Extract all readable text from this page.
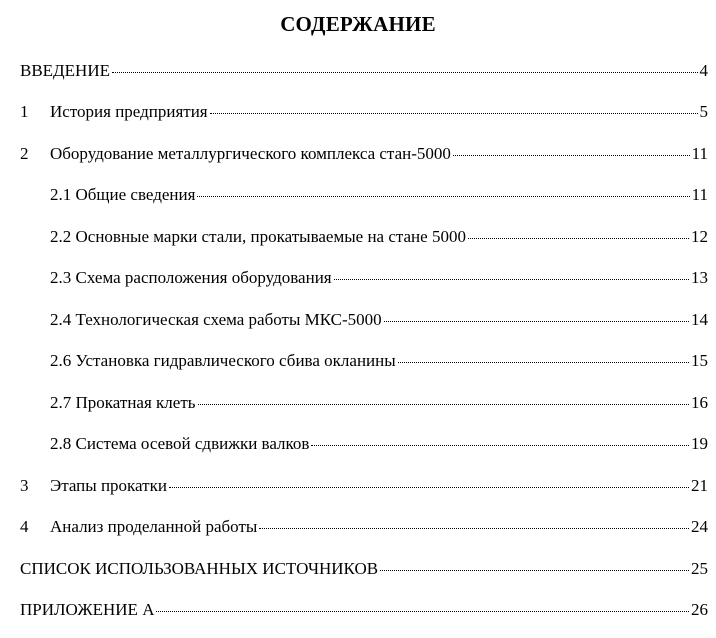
СОДЕРЖАНИЕ
ВВЕДЕНИЕ	4
1	История предприятия	5
2	Оборудование металлургического комплекса стан-5000	11
2.1 Общие сведения	11
2.2 Основные марки стали, прокатываемые на стане 5000	12
2.3 Схема расположения оборудования	13
2.4 Технологическая схема работы МКС-5000	14
2.6 Установка гидравлического сбива окланины	15
2.7 Прокатная клеть	16
2.8 Система осевой сдвижки валков	19
3	Этапы прокатки	21
4	Анализ проделанной работы	24
СПИСОК ИСПОЛЬЗОВАННЫХ ИСТОЧНИКОВ	25
ПРИЛОЖЕНИЕ А	26
